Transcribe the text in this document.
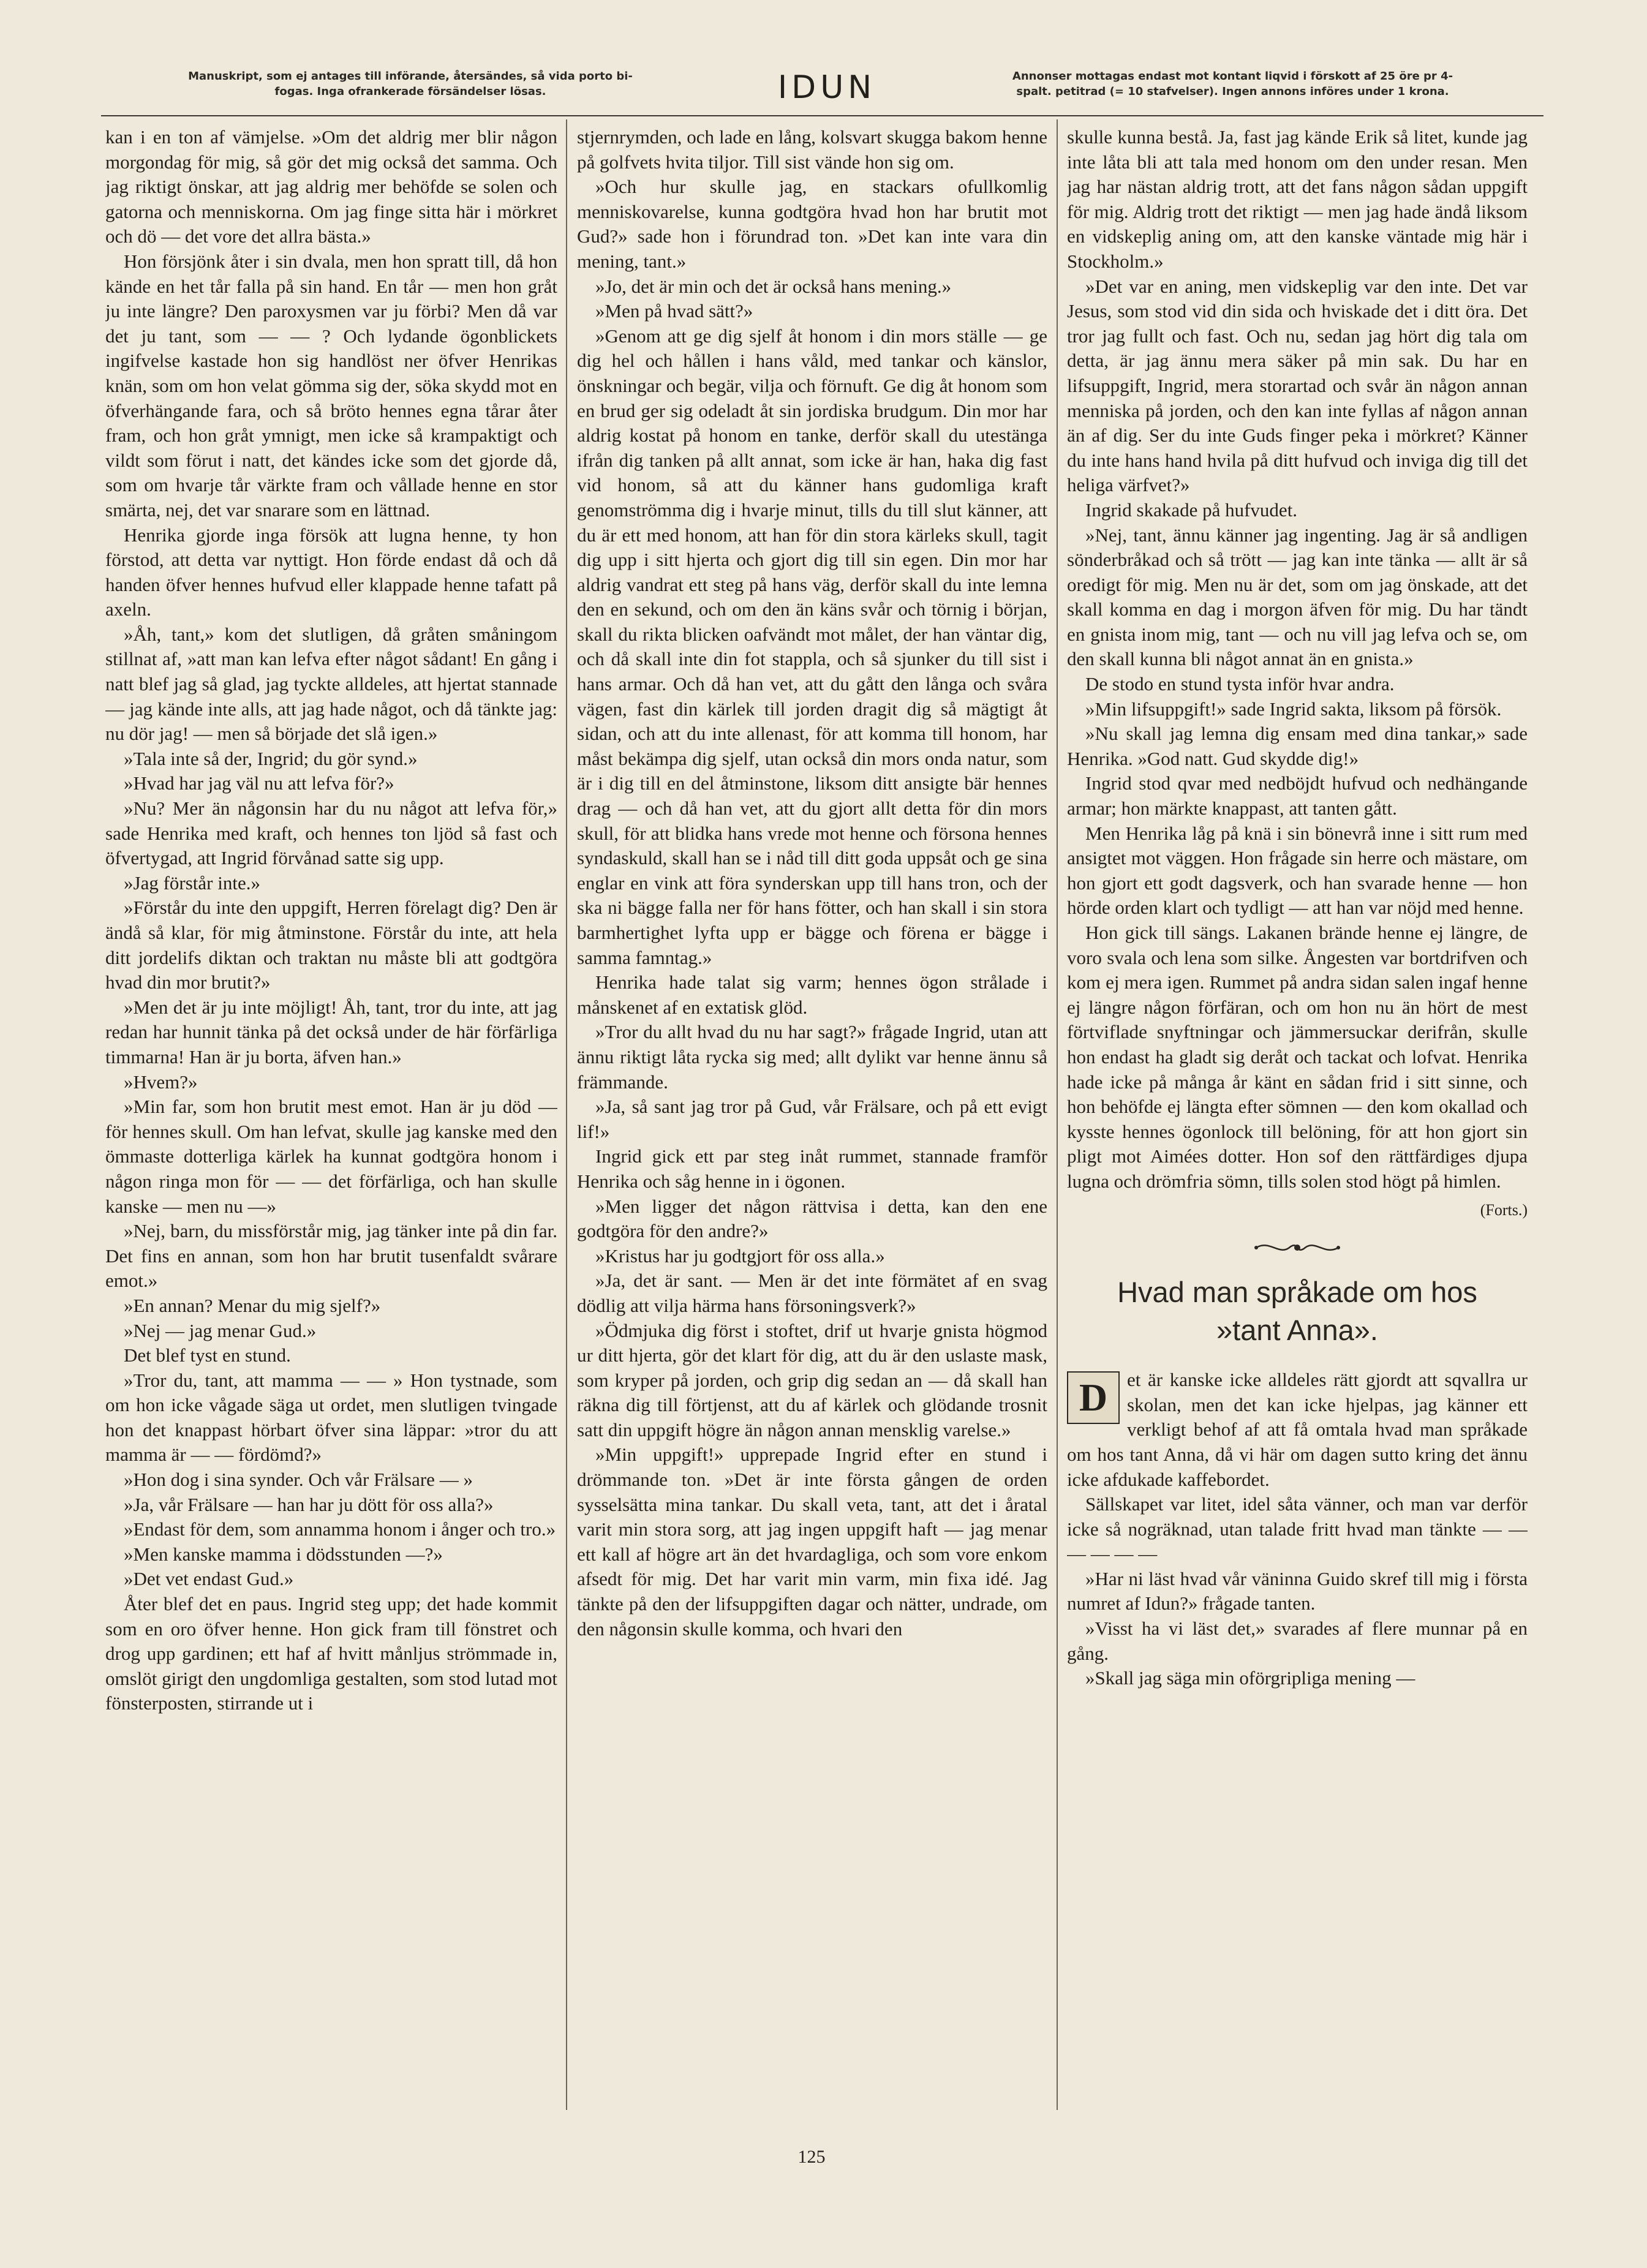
Manuskript, som ej antages till införande, återsändes, så vida porto bi-
fogas. Inga ofrankerade försändelser lösas.	IDUN	Annonser mottagas endast mot kontant liqvid i förskott af 25 öre pr 4-
spalt. petitrad (= 10 stafvelser). Ingen annons införes under 1 krona.

kan i en ton af vämjelse. »Om det aldrig mer blir någon morgondag för mig, så gör det mig också det samma. Och jag riktigt önskar, att jag aldrig mer behöfde se solen och gatorna och menniskorna. Om jag finge sitta här i mörkret och dö — det vore det allra bästa.»

Hon försjönk åter i sin dvala, men hon spratt till, då hon kände en het tår falla på sin hand. En tår — men hon gråt ju inte längre? Den paroxysmen var ju förbi? Men då var det ju tant, som — — ? Och lydande ögonblickets ingifvelse kastade hon sig handlöst ner öfver Henrikas knän, som om hon velat gömma sig der, söka skydd mot en öfverhängande fara, och så bröto hennes egna tårar åter fram, och hon gråt ymnigt, men icke så krampaktigt och vildt som förut i natt, det kändes icke som det gjorde då, som om hvarje tår värkte fram och vållade henne en stor smärta, nej, det var snarare som en lättnad.

Henrika gjorde inga försök att lugna henne, ty hon förstod, att detta var nyttigt. Hon förde endast då och då handen öfver hennes hufvud eller klappade henne tafatt på axeln.

»Åh, tant,» kom det slutligen, då gråten småningom stillnat af, »att man kan lefva efter något sådant! En gång i natt blef jag så glad, jag tyckte alldeles, att hjertat stannade — jag kände inte alls, att jag hade något, och då tänkte jag: nu dör jag! — men så började det slå igen.»

»Tala inte så der, Ingrid; du gör synd.»

»Hvad har jag väl nu att lefva för?»

»Nu? Mer än någonsin har du nu något att lefva för,» sade Henrika med kraft, och hennes ton ljöd så fast och öfvertygad, att Ingrid förvånad satte sig upp.

»Jag förstår inte.»

»Förstår du inte den uppgift, Herren förelagt dig? Den är ändå så klar, för mig åtminstone. Förstår du inte, att hela ditt jordelifs diktan och traktan nu måste bli att godtgöra hvad din mor brutit?»

»Men det är ju inte möjligt! Åh, tant, tror du inte, att jag redan har hunnit tänka på det också under de här förfärliga timmarna! Han är ju borta, äfven han.»

»Hvem?»

»Min far, som hon brutit mest emot. Han är ju död — för hennes skull. Om han lefvat, skulle jag kanske med den ömmaste dotterliga kärlek ha kunnat godtgöra honom i någon ringa mon för — — det förfärliga, och han skulle kanske — men nu —»

»Nej, barn, du missförstår mig, jag tänker inte på din far. Det fins en annan, som hon har brutit tusenfaldt svårare emot.»

»En annan? Menar du mig sjelf?»

»Nej — jag menar Gud.»

Det blef tyst en stund.

»Tror du, tant, att mamma — — » Hon tystnade, som om hon icke vågade säga ut ordet, men slutligen tvingade hon det knappast hörbart öfver sina läppar: »tror du att mamma är — — fördömd?»

»Hon dog i sina synder. Och vår Frälsare — »

»Ja, vår Frälsare — han har ju dött för oss alla?»

»Endast för dem, som annamma honom i ånger och tro.»

»Men kanske mamma i dödsstunden —?»

»Det vet endast Gud.»

Åter blef det en paus. Ingrid steg upp; det hade kommit som en oro öfver henne. Hon gick fram till fönstret och drog upp gardinen; ett haf af hvitt månljus strömmade in, omslöt girigt den ungdomliga gestalten, som stod lutad mot fönsterposten, stirrande ut i

stjernrymden, och lade en lång, kolsvart skugga bakom henne på golfvets hvita tiljor. Till sist vände hon sig om.

»Och hur skulle jag, en stackars ofullkomlig menniskovarelse, kunna godtgöra hvad hon har brutit mot Gud?» sade hon i förundrad ton. »Det kan inte vara din mening, tant.»

»Jo, det är min och det är också hans mening.»

»Men på hvad sätt?»

»Genom att ge dig sjelf åt honom i din mors ställe — ge dig hel och hållen i hans våld, med tankar och känslor, önskningar och begär, vilja och förnuft. Ge dig åt honom som en brud ger sig odeladt åt sin jordiska brudgum. Din mor har aldrig kostat på honom en tanke, derför skall du utestänga ifrån dig tanken på allt annat, som icke är han, haka dig fast vid honom, så att du känner hans gudomliga kraft genomströmma dig i hvarje minut, tills du till slut känner, att du är ett med honom, att han för din stora kärleks skull, tagit dig upp i sitt hjerta och gjort dig till sin egen. Din mor har aldrig vandrat ett steg på hans väg, derför skall du inte lemna den en sekund, och om den än käns svår och törnig i början, skall du rikta blicken oafvändt mot målet, der han väntar dig, och då skall inte din fot stappla, och så sjunker du till sist i hans armar. Och då han vet, att du gått den långa och svåra vägen, fast din kärlek till jorden dragit dig så mägtigt åt sidan, och att du inte allenast, för att komma till honom, har måst bekämpa dig sjelf, utan också din mors onda natur, som är i dig till en del åtminstone, liksom ditt ansigte bär hennes drag — och då han vet, att du gjort allt detta för din mors skull, för att blidka hans vrede mot henne och försona hennes syndaskuld, skall han se i nåd till ditt goda uppsåt och ge sina englar en vink att föra synderskan upp till hans tron, och der ska ni bägge falla ner för hans fötter, och han skall i sin stora barmhertighet lyfta upp er bägge och förena er bägge i samma famntag.»

Henrika hade talat sig varm; hennes ögon strålade i månskenet af en extatisk glöd.

»Tror du allt hvad du nu har sagt?» frågade Ingrid, utan att ännu riktigt låta rycka sig med; allt dylikt var henne ännu så främmande.

»Ja, så sant jag tror på Gud, vår Frälsare, och på ett evigt lif!»

Ingrid gick ett par steg inåt rummet, stannade framför Henrika och såg henne in i ögonen.

»Men ligger det någon rättvisa i detta, kan den ene godtgöra för den andre?»

»Kristus har ju godtgjort för oss alla.»

»Ja, det är sant. — Men är det inte förmätet af en svag dödlig att vilja härma hans försoningsverk?»

»Ödmjuka dig först i stoftet, drif ut hvarje gnista högmod ur ditt hjerta, gör det klart för dig, att du är den uslaste mask, som kryper på jorden, och grip dig sedan an — då skall han räkna dig till förtjenst, att du af kärlek och glödande trosnit satt din uppgift högre än någon annan mensklig varelse.»

»Min uppgift!» upprepade Ingrid efter en stund i drömmande ton. »Det är inte första gången de orden sysselsätta mina tankar. Du skall veta, tant, att det i åratal varit min stora sorg, att jag ingen uppgift haft — jag menar ett kall af högre art än det hvardagliga, och som vore enkom afsedt för mig. Det har varit min varm, min fixa idé. Jag tänkte på den der lifsuppgiften dagar och nätter, undrade, om den någonsin skulle komma, och hvari den

skulle kunna bestå. Ja, fast jag kände Erik så litet, kunde jag inte låta bli att tala med honom om den under resan. Men jag har nästan aldrig trott, att det fans någon sådan uppgift för mig. Aldrig trott det riktigt — men jag hade ändå liksom en vidskeplig aning om, att den kanske väntade mig här i Stockholm.»

»Det var en aning, men vidskeplig var den inte. Det var Jesus, som stod vid din sida och hviskade det i ditt öra. Det tror jag fullt och fast. Och nu, sedan jag hört dig tala om detta, är jag ännu mera säker på min sak. Du har en lifsuppgift, Ingrid, mera storartad och svår än någon annan menniska på jorden, och den kan inte fyllas af någon annan än af dig. Ser du inte Guds finger peka i mörkret? Känner du inte hans hand hvila på ditt hufvud och inviga dig till det heliga värfvet?»

Ingrid skakade på hufvudet.

»Nej, tant, ännu känner jag ingenting. Jag är så andligen sönderbråkad och så trött — jag kan inte tänka — allt är så oredigt för mig. Men nu är det, som om jag önskade, att det skall komma en dag i morgon äfven för mig. Du har tändt en gnista inom mig, tant — och nu vill jag lefva och se, om den skall kunna bli något annat än en gnista.»

De stodo en stund tysta inför hvar andra.

»Min lifsuppgift!» sade Ingrid sakta, liksom på försök.

»Nu skall jag lemna dig ensam med dina tankar,» sade Henrika. »God natt. Gud skydde dig!»

Ingrid stod qvar med nedböjdt hufvud och nedhängande armar; hon märkte knappast, att tanten gått.

Men Henrika låg på knä i sin bönevrå inne i sitt rum med ansigtet mot väggen. Hon frågade sin herre och mästare, om hon gjort ett godt dagsverk, och han svarade henne — hon hörde orden klart och tydligt — att han var nöjd med henne.

Hon gick till sängs. Lakanen brände henne ej längre, de voro svala och lena som silke. Ångesten var bortdrifven och kom ej mera igen. Rummet på andra sidan salen ingaf henne ej längre någon förfäran, och om hon nu än hört de mest förtviflade snyftningar och jämmersuckar derifrån, skulle hon endast ha gladt sig deråt och tackat och lofvat. Henrika hade icke på många år känt en sådan frid i sitt sinne, och hon behöfde ej längta efter sömnen — den kom okallad och kysste hennes ögonlock till belöning, för att hon gjort sin pligt mot Aimées dotter. Hon sof den rättfärdiges djupa lugna och drömfria sömn, tills solen stod högt på himlen.

(Forts.)

Hvad man språkade om hos
»tant Anna».
D	et är kanske icke alldeles rätt gjordt att sqvallra ur skolan, men det kan icke hjelpas, jag känner ett verkligt behof af att få omtala hvad man språkade om hos tant Anna, då vi här om dagen sutto kring det ännu icke afdukade kaffebordet.

Sällskapet var litet, idel såta vänner, och man var derför icke så nogräknad, utan talade fritt hvad man tänkte — — — — — —

»Har ni läst hvad vår väninna Guido skref till mig i första numret af Idun?» frågade tanten.

»Visst ha vi läst det,» svarades af flere munnar på en gång.

»Skall jag säga min oförgripliga mening —

125
